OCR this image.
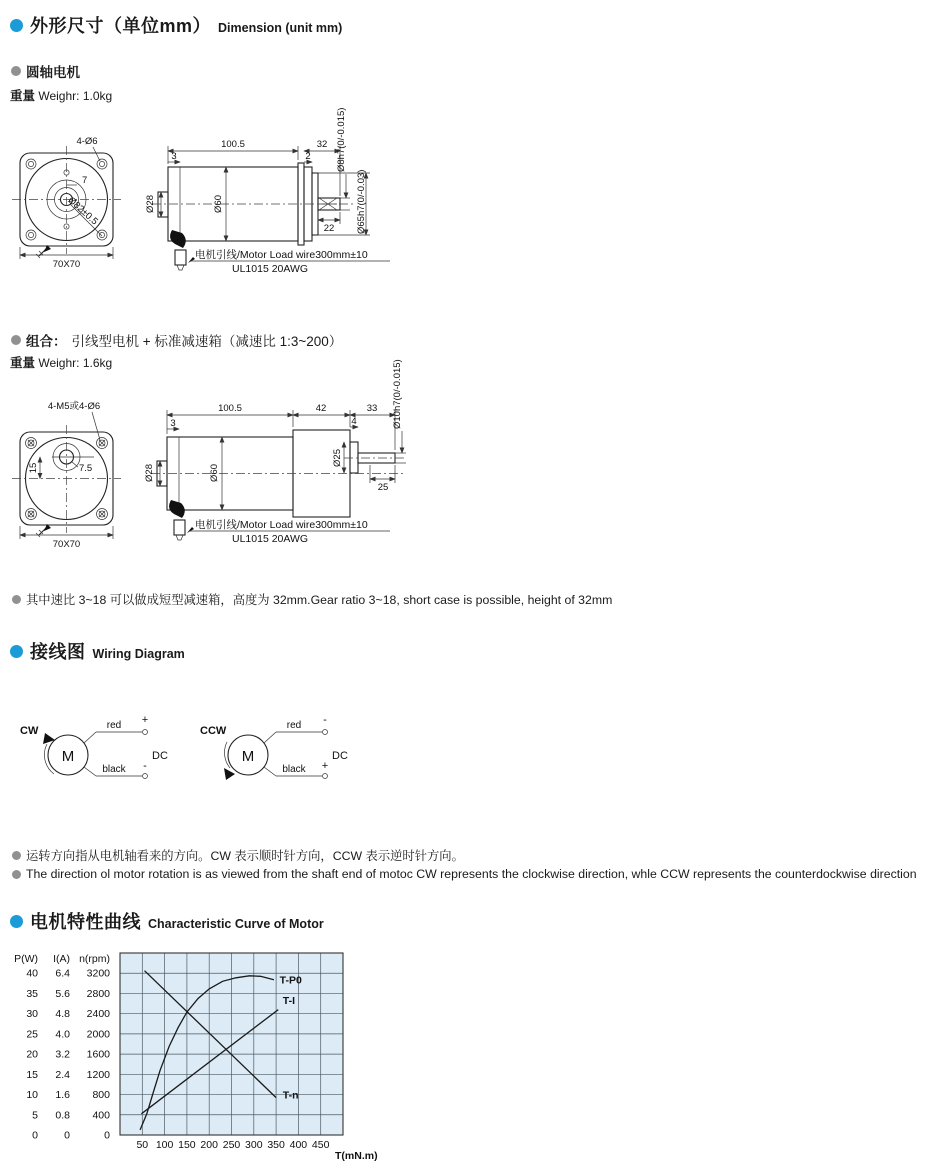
外形尺寸（单位mm） Dimension (unit mm)
圆轴电机
重量 Weighr: 1.0kg
4-Ø6
7
Ø82±0.5
70X70
100.5
3
32
2
Ø28	Ø60
Ø8h7(0/-0.015)
Ø65h7(0/-0.03)
22
电机引线/Motor Load wire300mm±10
UL1015 20AWG
组合： 引线型电机 + 标准减速箱（减速比 1:3~200）
重量 Weighr: 1.6kg
4-M5或4-Ø6
15	7.5
70X70
100.5	42	33
3	4
Ø28	Ø60
Ø25
Ø10h7(0/-0.015)
25
电机引线/Motor Load wire300mm±10
UL1015 20AWG
其中速比 3~18 可以做成短型减速箱，高度为 32mm.Gear ratio 3~18, short case is possible, height of 32mm
接线图 Wiring Diagram
CW
M
red +
black -
DC
CCW
M
red -
black +
DC
运转方向指从电机轴看来的方向。CW 表示顺时针方向，CCW 表示逆时针方向。
The direction ol motor rotation is as viewed from the shaft end of motoc CW represents the clockwise direction, whle CCW represents the counterdockwise direction
电机特性曲线 Characteristic Curve of Motor
P(W)
40
35
30
25
20
15
10
5
0
I(A)
6.4
5.6
4.8
4.0
3.2
2.4
1.6
0.8
0
n(rpm)
3200
2800
2400
2000
1600
1200
800
400
0
50 100 150 200 250 300 350 400 450
T(mN.m)
T-P0
T-I
T-n
